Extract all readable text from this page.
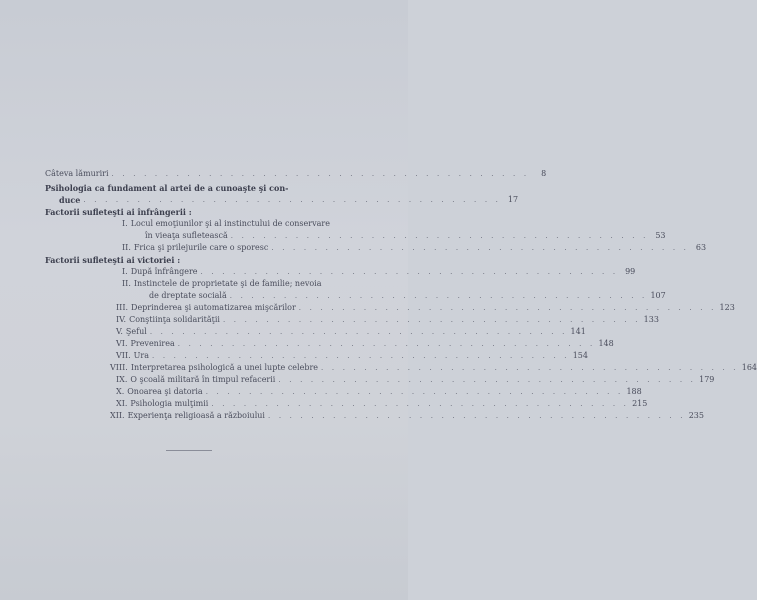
Câteva lămuriri . . . . . . . . . . . . . . . . . . . . . . . . . . . . . . . . . . . . . . .	8
Psihologia ca fundament al artei de a cunoaşte şi con-
duce . . . . . . . . . . . . . . . . . . . . . . . . . . . . . . . . . . . . . . . 17
Factorii sufleteşti ai înfrângerii :
I. Locul emoţiunilor şi al instinctului de conservare
în vieaţa sufletească . . . . . . . . . . . . . . . . . . . . . . . . . . . . . . . . . . . . . . . 53
II. Frica şi prilejurile care o sporesc . . . . . . . . . . . . . . . . . . . . . . . . . . . . . . . . . . . . . . . 63
Factorii sufleteşti ai victoriei :
I. După înfrângere . . . . . . . . . . . . . . . . . . . . . . . . . . . . . . . . . . . . . . . 99
II. Instinctele de proprietate şi de familie; nevoia
de dreptate socială . . . . . . . . . . . . . . . . . . . . . . . . . . . . . . . . . . . . . . . 107
III. Deprinderea şi automatizarea mişcărilor . . . . . . . . . . . . . . . . . . . . . . . . . . . . . . . . . . . . . . . 123
IV. Conştiinţa solidarităţii . . . . . . . . . . . . . . . . . . . . . . . . . . . . . . . . . . . . . . . 133
V. Şeful . . . . . . . . . . . . . . . . . . . . . . . . . . . . . . . . . . . . . . . 141
VI. Prevenirea . . . . . . . . . . . . . . . . . . . . . . . . . . . . . . . . . . . . . . . 148
VII. Ura . . . . . . . . . . . . . . . . . . . . . . . . . . . . . . . . . . . . . . . 154
VIII. Interpretarea psihologică a unei lupte celebre . . . . . . . . . . . . . . . . . . . . . . . . . . . . . . . . . . . . . . . 164
IX. O şcoală militară în timpul refacerii . . . . . . . . . . . . . . . . . . . . . . . . . . . . . . . . . . . . . . . 179
X. Onoarea şi datoria . . . . . . . . . . . . . . . . . . . . . . . . . . . . . . . . . . . . . . . 188
XI. Psihologia mulţimii . . . . . . . . . . . . . . . . . . . . . . . . . . . . . . . . . . . . . . . 215
XII. Experienţa religioasă a războiului . . . . . . . . . . . . . . . . . . . . . . . . . . . . . . . . . . . . . . . 235
